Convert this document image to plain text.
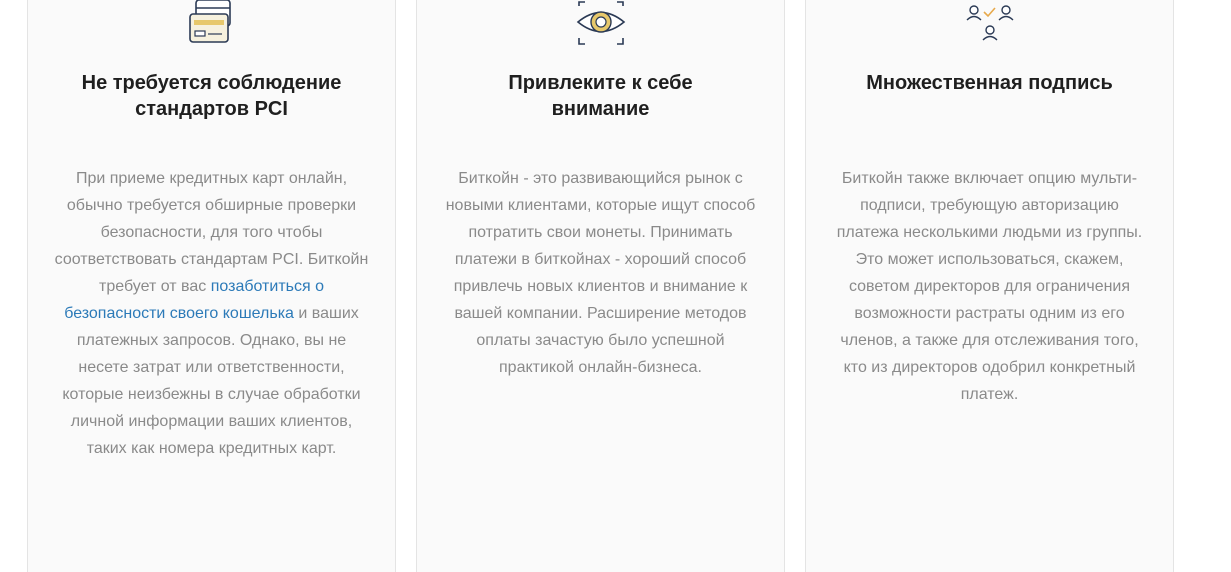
Не требуется соблюдение
стандартов PCI

При приеме кредитных карт онлайн, обычно требуется обширные проверки безопасности, для того чтобы соответствовать стандартам PCI. Биткойн требует от вас позаботиться о безопасности своего кошелька и ваших платежных запросов. Однако, вы не несете затрат или ответственности, которые неизбежны в случае обработки личной информации ваших клиентов, таких как номера кредитных карт.

Привлеките к себе
внимание

Биткойн - это развивающийся рынок с новыми клиентами, которые ищут способ потратить свои монеты. Принимать платежи в биткойнах - хороший способ привлечь новых клиентов и внимание к вашей компании. Расширение методов оплаты зачастую было успешной практикой онлайн-бизнеса.

Множественная подпись

Биткойн также включает опцию мульти-подписи, требующую авторизацию платежа несколькими людьми из группы. Это может использоваться, скажем, советом директоров для ограничения возможности растраты одним из его членов, а также для отслеживания того, кто из директоров одобрил конкретный платеж.
